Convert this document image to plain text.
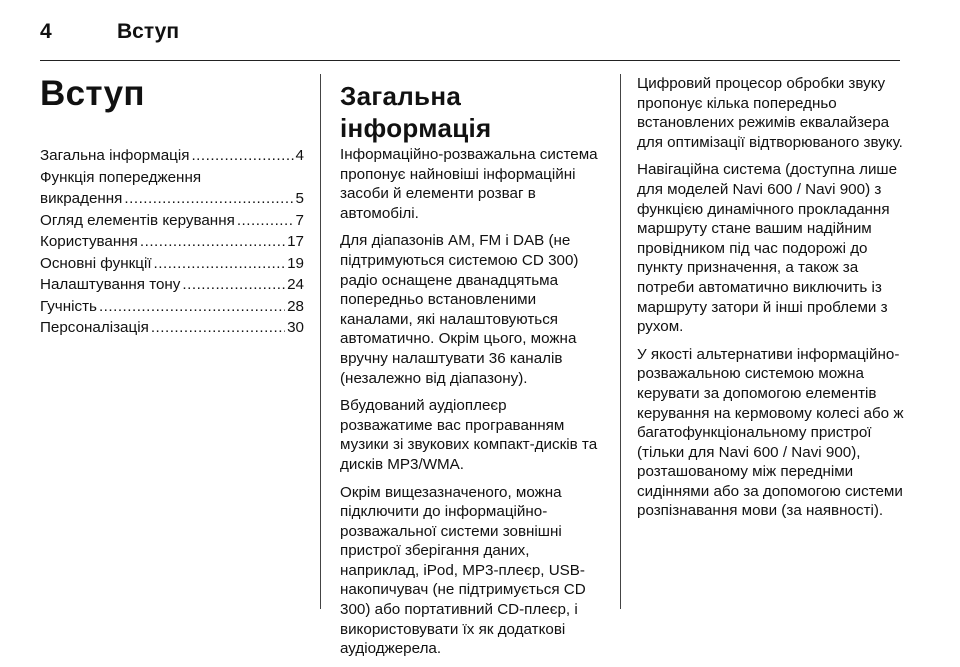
4	Вступ
Вступ
Загальна інформація .....	4
Функція попередження
викрадення .....	5
Огляд елементів керування .....	7
Користування .....	17
Основні функції .....	19
Налаштування тону .....	24
Гучність .....	28
Персоналізація .....	30
Загальна інформація

Інформаційно-розважальна система пропонує найновіші інформаційні засоби й елементи розваг в автомобілі.

Для діапазонів AM, FM і DAB (не підтримуються системою CD 300) радіо оснащене дванадцятьма попередньо встановленими каналами, які налаштовуються автоматично. Окрім цього, можна вручну налаштувати 36 каналів (незалежно від діапазону).

Вбудований аудіоплеєр розважатиме вас програванням музики зі звукових компакт-дисків та дисків MP3/WMA.

Окрім вищезазначеного, можна підключити до інформаційно-розважальної системи зовнішні пристрої зберігання даних, наприклад, iPod, MP3-плеєр, USB-накопичувач (не підтримується CD 300) або портативний CD-плеєр, і використовувати їх як додаткові аудіоджерела.

Цифровий процесор обробки звуку пропонує кілька попередньо встановлених режимів еквалайзера для оптимізації відтворюваного звуку.

Навігаційна система (доступна лише для моделей Navi 600 / Navi 900) з функцією динамічного прокладання маршруту стане вашим надійним провідником під час подорожі до пункту призначення, а також за потреби автоматично виключить із маршруту затори й інші проблеми з рухом.

У якості альтернативи інформаційно-розважальною системою можна керувати за допомогою елементів керування на кермовому колесі або ж багатофункціональному пристрої (тільки для Navi 600 / Navi 900), розташованому між передніми сидіннями або за допомогою системи розпізнавання мови (за наявності).
